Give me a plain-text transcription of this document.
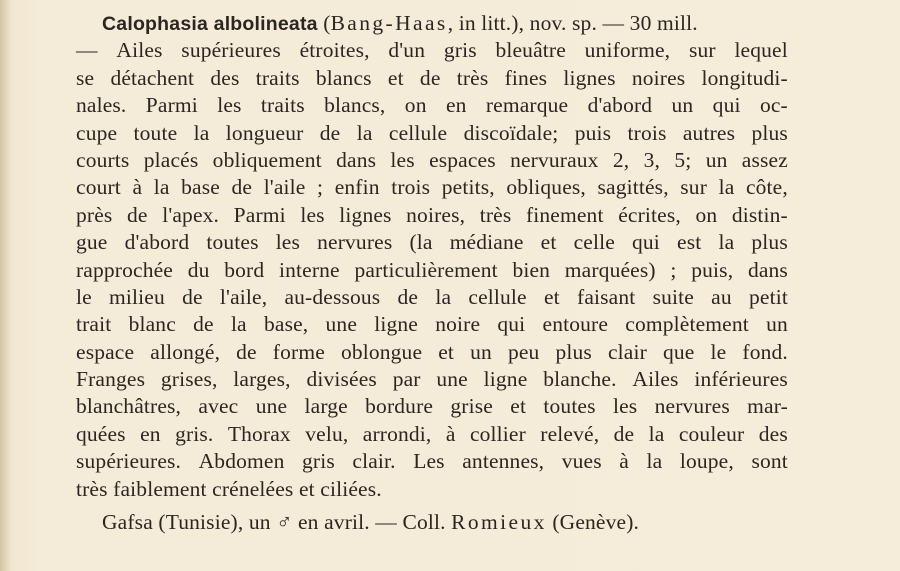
Calophasia albolineata (Bang-Haas, in litt.), nov. sp. — 30 mill.
— Ailes supérieures étroites, d'un gris bleuâtre uniforme, sur lequel
se détachent des traits blancs et de très fines lignes noires longitudi-
nales. Parmi les traits blancs, on en remarque d'abord un qui oc-
cupe toute la longueur de la cellule discoïdale; puis trois autres plus
courts placés obliquement dans les espaces nervuraux 2, 3, 5; un assez
court à la base de l'aile ; enfin trois petits, obliques, sagittés, sur la côte,
près de l'apex. Parmi les lignes noires, très finement écrites, on distin-
gue d'abord toutes les nervures (la médiane et celle qui est la plus
rapprochée du bord interne particulièrement bien marquées) ; puis, dans
le milieu de l'aile, au-dessous de la cellule et faisant suite au petit
trait blanc de la base, une ligne noire qui entoure complètement un
espace allongé, de forme oblongue et un peu plus clair que le fond.
Franges grises, larges, divisées par une ligne blanche. Ailes inférieures
blanchâtres, avec une large bordure grise et toutes les nervures mar-
quées en gris. Thorax velu, arrondi, à collier relevé, de la couleur des
supérieures. Abdomen gris clair. Les antennes, vues à la loupe, sont
très faiblement crénelées et ciliées.
Gafsa (Tunisie), un ♂ en avril. — Coll. Romieux (Genève).
